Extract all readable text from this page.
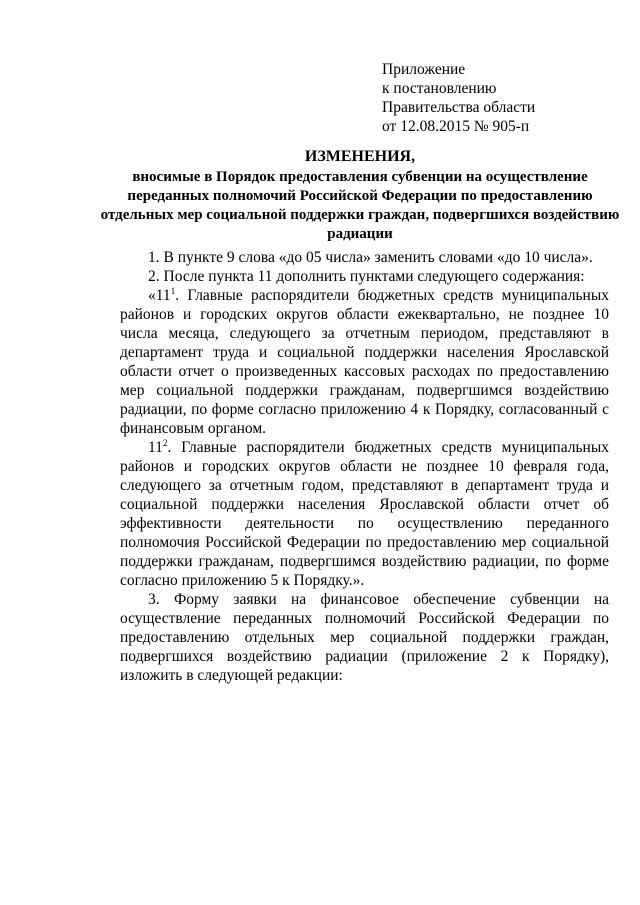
Приложение
к постановлению
Правительства области
от 12.08.2015 № 905-п
ИЗМЕНЕНИЯ,
вносимые в Порядок предоставления субвенции на осуществление переданных полномочий Российской Федерации по предоставлению отдельных мер социальной поддержки граждан, подвергшихся воздействию радиации

1. В пункте 9 слова «до 05 числа» заменить словами «до 10 числа».

2. После пункта 11 дополнить пунктами следующего содержания:

«$11^1$. Главные распорядители бюджетных средств муниципальных районов и городских округов области ежеквартально, не позднее 10 числа месяца, следующего за отчетным периодом, представляют в департамент труда и социальной поддержки населения Ярославской области отчет о произведенных кассовых расходах по предоставлению мер социальной поддержки гражданам, подвергшимся воздействию радиации, по форме согласно приложению 4 к Порядку, согласованный с финансовым органом.

$11^2$. Главные распорядители бюджетных средств муниципальных районов и городских округов области не позднее 10 февраля года, следующего за отчетным годом, представляют в департамент труда и социальной поддержки населения Ярославской области отчет об эффективности деятельности по осуществлению переданного полномочия Российской Федерации по предоставлению мер социальной поддержки гражданам, подвергшимся воздействию радиации, по форме согласно приложению 5 к Порядку.».

3. Форму заявки на финансовое обеспечение субвенции на осуществление переданных полномочий Российской Федерации по предоставлению отдельных мер социальной поддержки граждан, подвергшихся воздействию радиации (приложение 2 к Порядку), изложить в следующей редакции:
